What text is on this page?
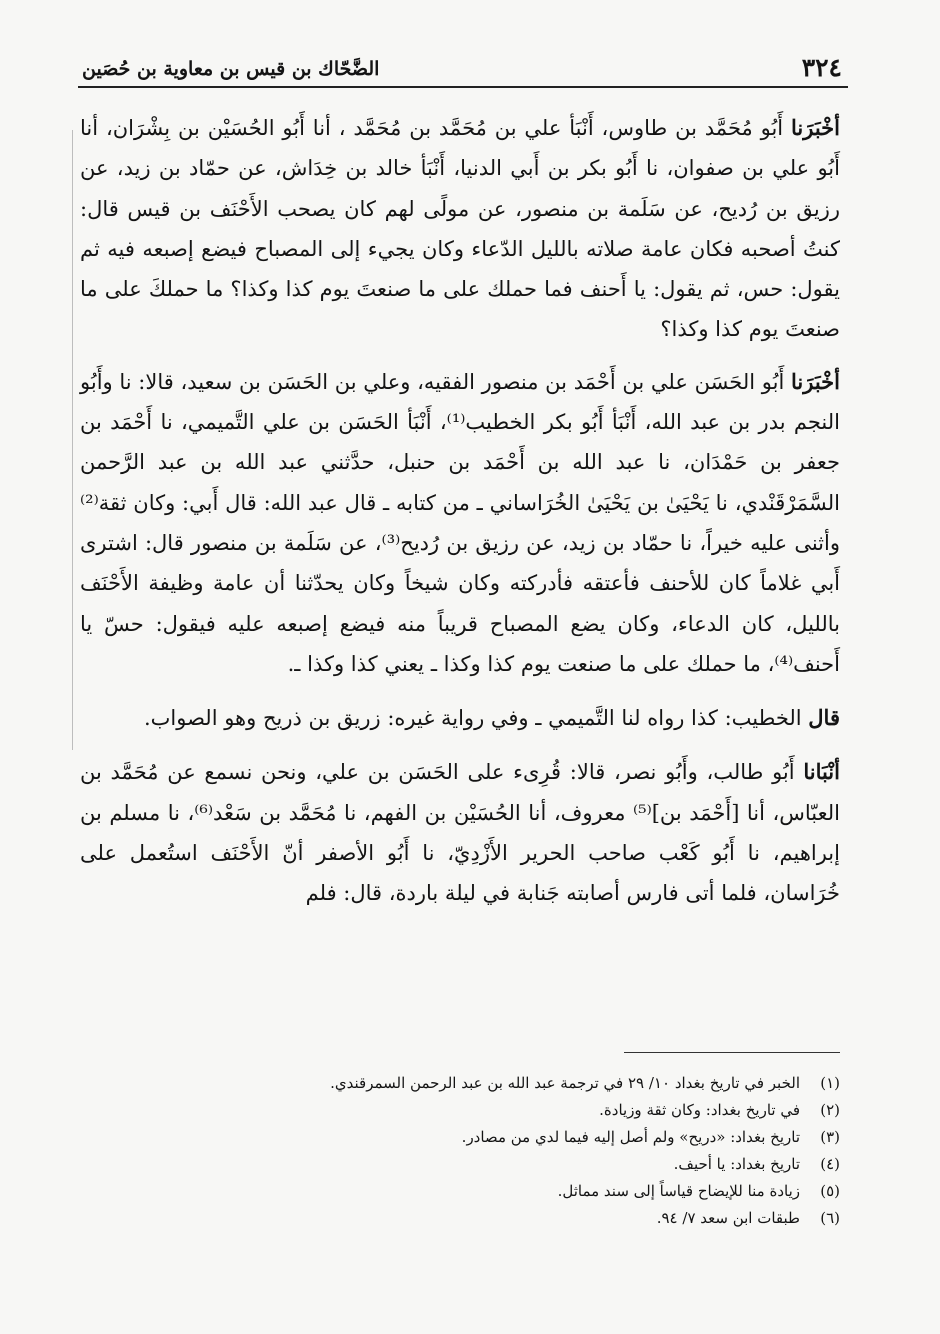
٣٢٤
الضَّحّاك بن قيس بن معاوية بن حُصَين

أخْبَرَنا أَبُو مُحَمَّد بن طاوس، أَنْبَأ علي بن مُحَمَّد بن مُحَمَّد ، أنا أَبُو الحُسَيْن بن بِشْرَان، أنا أَبُو علي بن صفوان، نا أَبُو بكر بن أَبي الدنيا، أَنْبَأ خالد بن خِدَاش، عن حمّاد بن زيد، عن رزيق بن رُديح، عن سَلَمة بن منصور، عن مولًى لهم كان يصحب الأَحْنَف بن قيس قال: كنتُ أصحبه فكان عامة صلاته بالليل الدّعاء وكان يجيء إلى المصباح فيضع إصبعه فيه ثم يقول: حس، ثم يقول: يا أَحنف فما حملك على ما صنعتَ يوم كذا وكذا؟ ما حملكَ على ما صنعتَ يوم كذا وكذا؟

أخْبَرَنا أَبُو الحَسَن علي بن أَحْمَد بن منصور الفقيه، وعلي بن الحَسَن بن سعيد، قالا: نا وأَبُو النجم بدر بن عبد الله، أَنْبَأ أَبُو بكر الخطيب⁽¹⁾، أَنْبَأ الحَسَن بن علي التَّميمي، نا أَحْمَد بن جعفر بن حَمْدَان، نا عبد الله بن أَحْمَد بن حنبل، حدَّثني عبد الله بن عبد الرَّحمن السَّمَرْقَنْدي، نا يَحْيَىٰ بن يَحْيَىٰ الخُرَاساني ـ من كتابه ـ قال عبد الله: قال أَبي: وكان ثقة⁽²⁾ وأثنى عليه خيراً، نا حمّاد بن زيد، عن رزيق بن رُديح⁽³⁾، عن سَلَمة بن منصور قال: اشترى أَبي غلاماً كان للأحنف فأعتقه فأدركته وكان شيخاً وكان يحدّثنا أن عامة وظيفة الأَحْنَف بالليل، كان الدعاء، وكان يضع المصباح قريباً منه فيضع إصبعه عليه فيقول: حسّ يا أَحنف⁽⁴⁾، ما حملك على ما صنعت يوم كذا وكذا ـ يعني كذا وكذا ـ.

قال الخطيب: كذا رواه لنا التَّميمي ـ وفي رواية غيره: زريق بن ذريح وهو الصواب.

أنْبَانا أَبُو طالب، وأَبُو نصر، قالا: قُرِىء على الحَسَن بن علي، ونحن نسمع عن مُحَمَّد بن العبّاس، أنا [أَحْمَد بن]⁽⁵⁾ معروف، أنا الحُسَيْن بن الفهم، نا مُحَمَّد بن سَعْد⁽⁶⁾، نا مسلم بن إبراهيم، نا أَبُو كَعْب صاحب الحرير الأَزْدِيّ، نا أَبُو الأصفر أنّ الأَحْنَف استُعمل على خُرَاسان، فلما أتى فارس أصابته جَنابة في ليلة باردة، قال: فلم

(١)
الخبر في تاريخ بغداد ١٠/ ٢٩ في ترجمة عبد الله بن عبد الرحمن السمرقندي.
(٢)
في تاريخ بغداد: وكان ثقة وزيادة.
(٣)
تاريخ بغداد: «دريح» ولم أصل إليه فيما لدي من مصادر.
(٤)
تاريخ بغداد: يا أحيف.
(٥)
زيادة منا للإيضاح قياساً إلى سند مماثل.
(٦)
طبقات ابن سعد ٧/ ٩٤.
